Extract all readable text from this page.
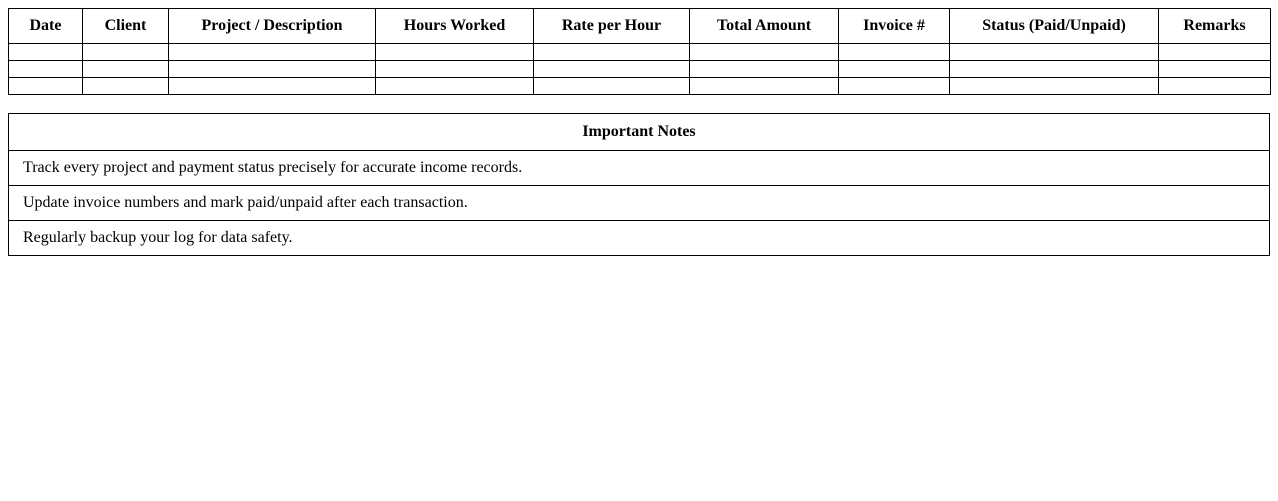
Date	Client	Project / Description	Hours Worked	Rate per Hour	Total Amount	Invoice #	Status (Paid/Unpaid)	Remarks

Important Notes
Track every project and payment status precisely for accurate income records.
Update invoice numbers and mark paid/unpaid after each transaction.
Regularly backup your log for data safety.
